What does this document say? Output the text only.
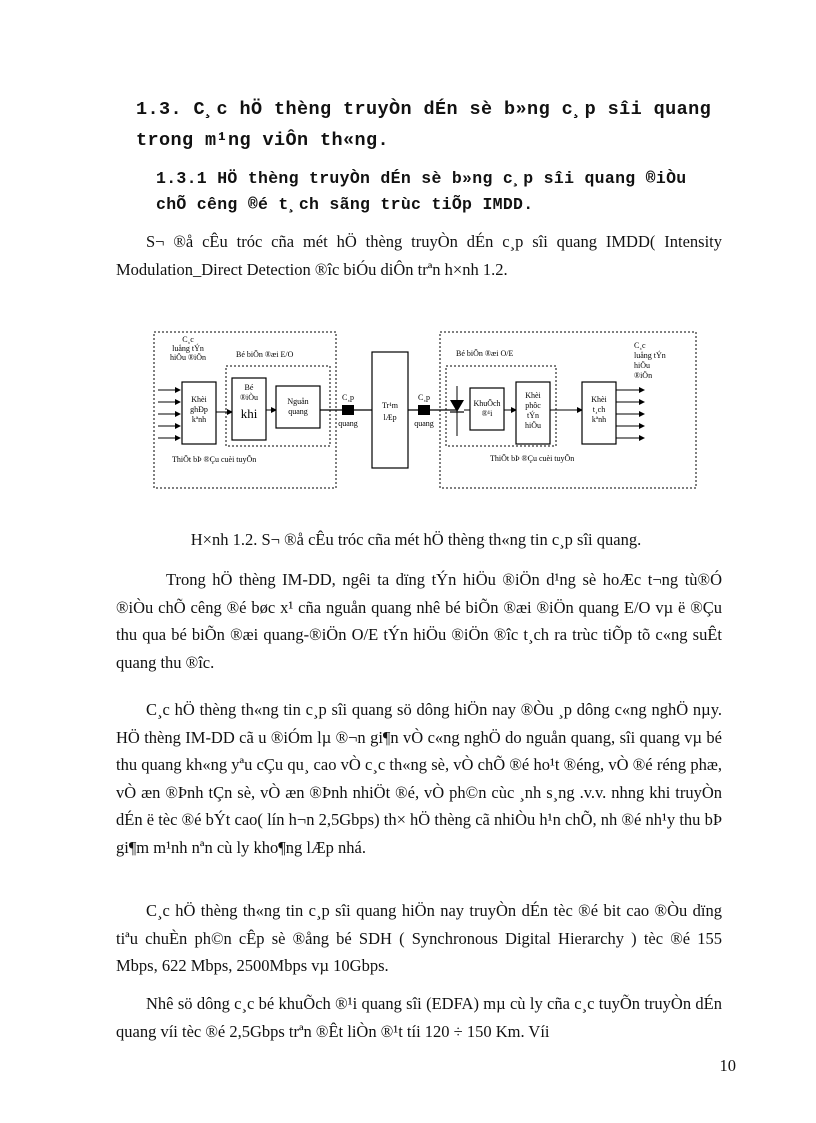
1.3. C¸c hÖ thèng truyÒn dÉn sè b»ng c¸p sîi quang trong m¹ng viÔn th«ng.
1.3.1 HÖ thèng truyÒn dÉn sè b»ng c¸p sîi quang ®iÒu chÕ cêng ®é t¸ch sãng trùc tiÕp IMDD.
S¬ ®å cÊu tróc cña mét hÖ thèng truyÒn dÉn c¸p sîi quang IMDD( Intensity Modulation_Direct Detection ®îc biÓu diÔn trªn h×nh 1.2.
C¸c luång tÝn hiÖu ®iÖn	Bé biÕn ®æi E/O
Khèi ghÐp kªnh
Bé ®iÒu khi
Nguån quang
ThiÕt bÞ ®Çu cuèi tuyÕn
C¸p
quang
Tr¹m lÆp
C¸p
quang
Bé biÕn ®æi O/E
KhuÕch ®¹i
Khèi phôc tÝn hiÖu
Khèi t¸ch kªnh
C¸c luång tÝn hiÖu ®iÖn
ThiÕt bÞ ®Çu cuèi tuyÕn
H×nh 1.2. S¬ ®å cÊu tróc cña mét hÖ thèng th«ng tin c¸p sîi quang.
Trong hÖ thèng IM-DD, ngêi ta dïng tÝn hiÖu ®iÖn d¹ng sè hoÆc t¬ng tù®Ó ®iÒu chÕ cêng ®é bøc x¹ cña nguån quang nhê bé biÕn ®æi ®iÖn quang E/O vµ ë ®Çu thu qua bé biÕn ®æi quang-®iÖn O/E tÝn hiÖu ®iÖn ®îc t¸ch ra trùc tiÕp tõ c«ng suÊt quang thu ®îc.
C¸c hÖ thèng th«ng tin c¸p sîi quang sö dông hiÖn nay ®Òu ¸p dông c«ng nghÖ nµy. HÖ thèng IM-DD cã u ®iÓm lµ ®¬n gi¶n vÒ c«ng nghÖ do nguån quang, sîi quang vµ bé thu quang kh«ng yªu cÇu qu¸ cao vÒ c¸c th«ng sè, vÒ chÕ ®é ho¹t ®éng, vÒ ®é réng phæ, vÒ æn ®Þnh tÇn sè, vÒ æn ®Þnh nhiÖt ®é, vÒ ph©n cùc ¸nh s¸ng .v.v. nhng khi truyÒn dÉn ë tèc ®é bÝt cao( lín h¬n 2,5Gbps) th× hÖ thèng cã nhiÒu h¹n chÕ, nh ®é nh¹y thu bÞ gi¶m m¹nh nªn cù ly kho¶ng lÆp nhá.
C¸c hÖ thèng th«ng tin c¸p sîi quang hiÖn nay truyÒn dÉn tèc ®é bit cao ®Òu dïng tiªu chuÈn ph©n cÊp sè ®ång bé SDH ( Synchronous Digital Hierarchy ) tèc ®é 155 Mbps, 622 Mbps, 2500Mbps vµ 10Gbps.
Nhê sö dông c¸c bé khuÕch ®¹i quang sîi (EDFA) mµ cù ly cña c¸c tuyÕn truyÒn dÉn quang víi tèc ®é 2,5Gbps trªn ®Êt liÒn ®¹t tíi 120 ÷ 150 Km. Víi
10
